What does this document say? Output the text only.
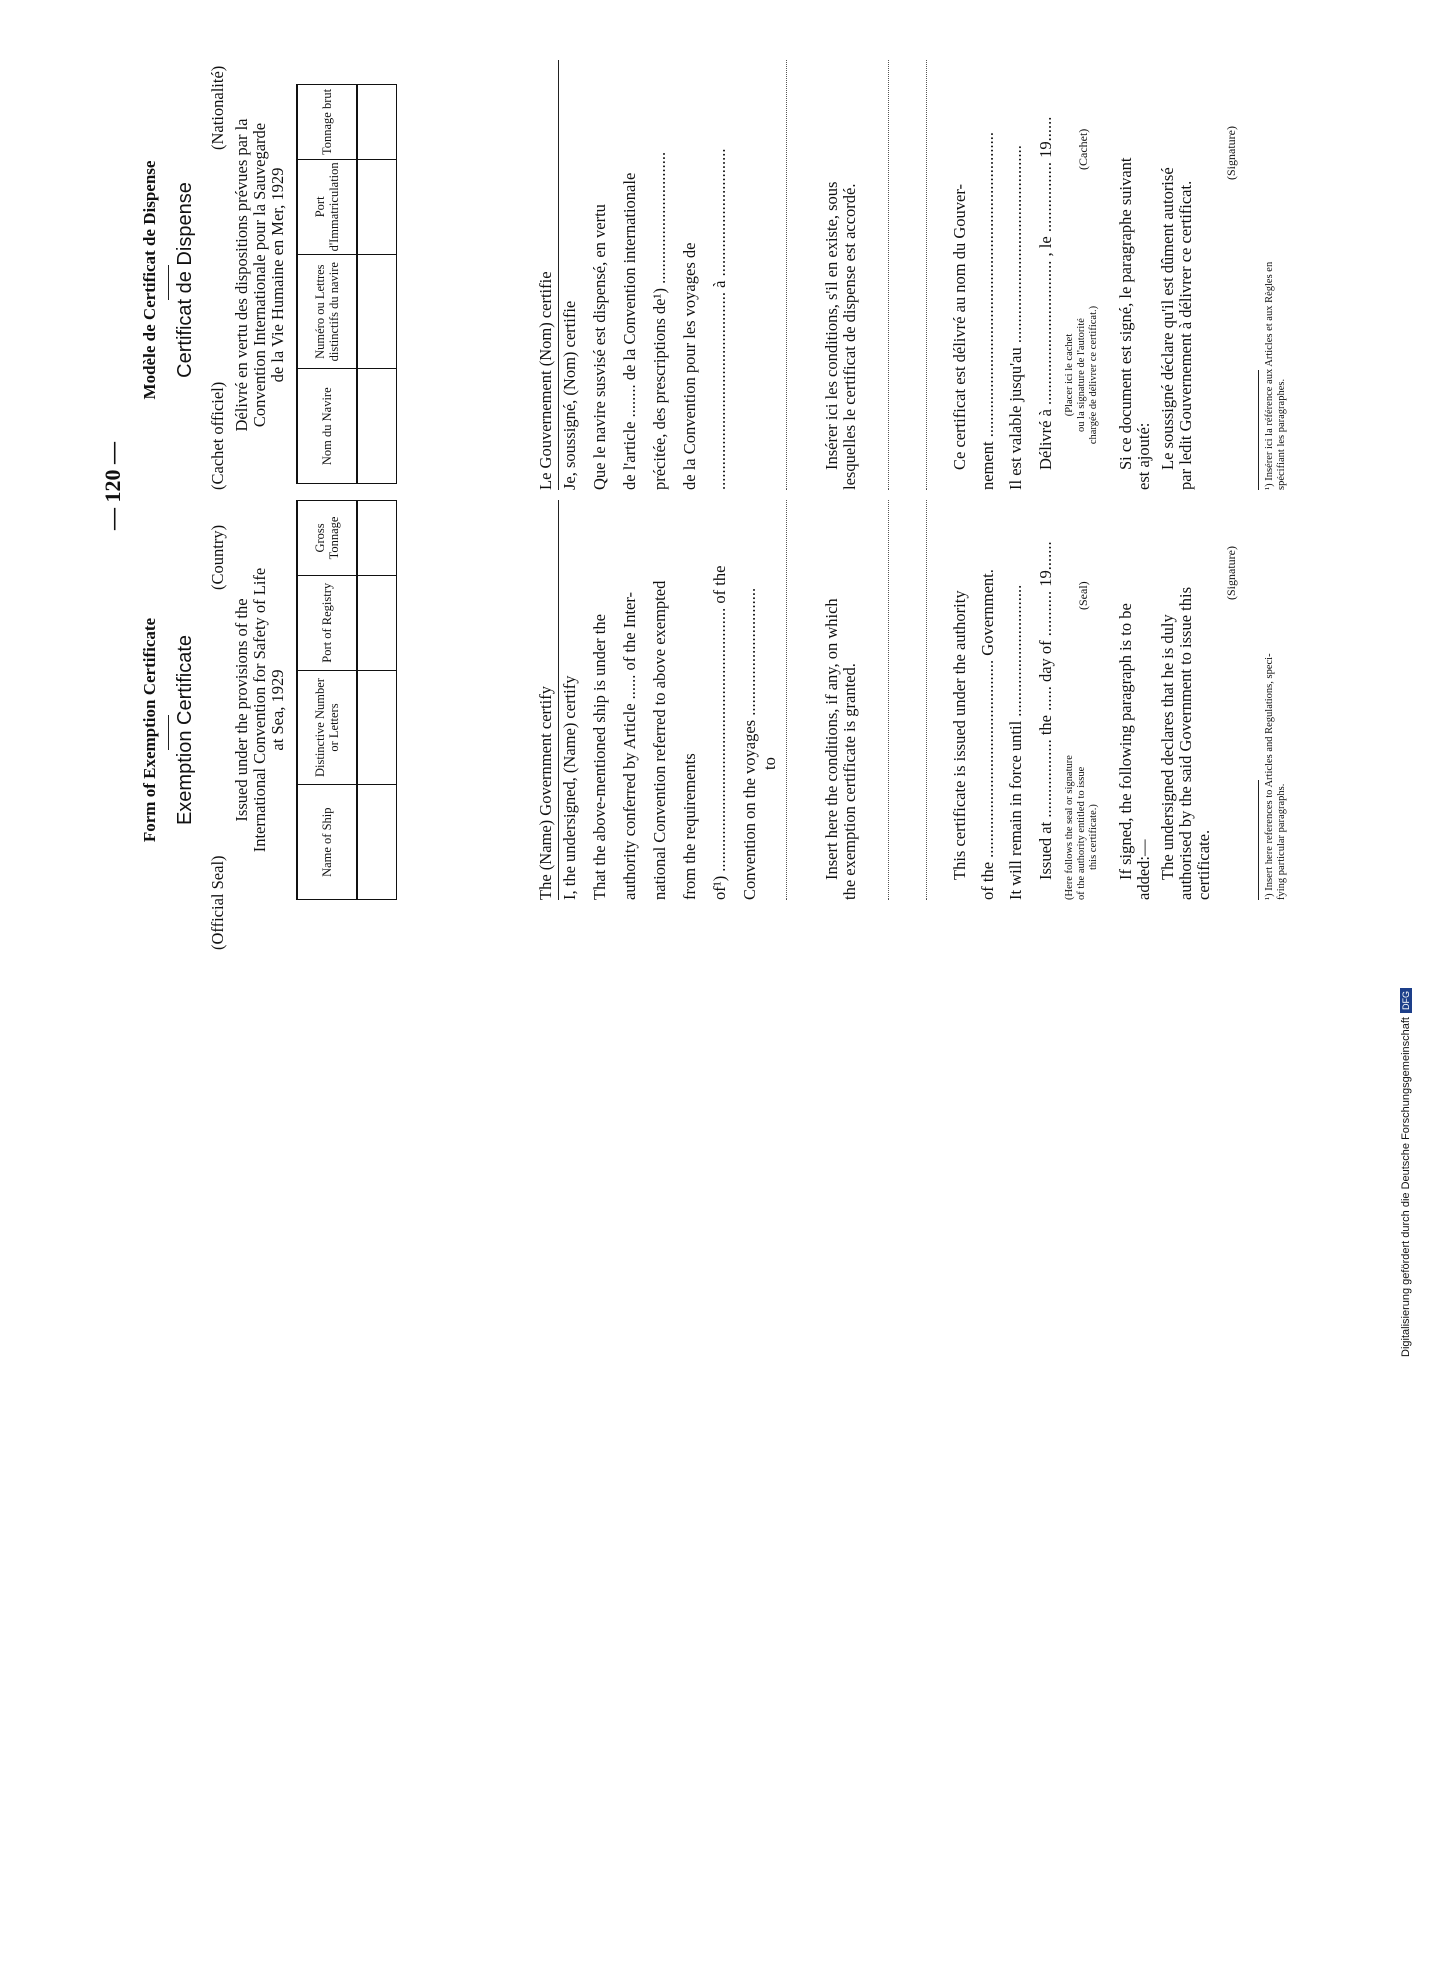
Form of Exemption Certificate Exemption Certificate
(Official Seal)
(Country)
Issued under the provisions of the International Convention for Safety of Life at Sea, 1929
Name of Ship	Distinctive Number or Letters	Port of Registry	Gross Tonnage

The (Name) Government certify I, the undersigned, (Name) certify That the above-mentioned ship is under the authority conferred by Article ...... of the Inter- national Convention referred to above exempted from the requirements of¹) ................................................................ of the Convention on the voyages ............................... to	Insert here the conditions, if any, on which the exemption certificate is granted.	This certificate is issued under the authority of the ................................................ Government. It will remain in force until ................................ Issued at ................... the ...... day of ........... 19....... (Here follows the seal or signature of the authority entitled to issue this certificate.)
(Seal)
If signed, the following paragraph is to be added:— The undersigned declares that he is duly authorised by the said Government to issue this certificate.
(Signature)
¹) Insert here references to Articles and Regulations, speci- fying particular paragraphs.
Modèle de Certificat de Dispense Certificat de Dispense
(Cachet officiel)
(Nationalité)
Délivré en vertu des dispositions prévues par la Convention Internationale pour la Sauvegarde de la Vie Humaine en Mer, 1929
Nom du Navire	Numéro ou Lettres distinctifs du navire	Port d'Immatriculation	Tonnage brut

Le Gouvernement (Nom) certifie Je, soussigné, (Nom) certifie Que le navire susvisé est dispensé, en vertu de l'article ........ de la Convention internationale précitée, des prescriptions de¹) ................................ de la Convention pour les voyages de ................................................ à ...............................	Insérer ici les conditions, s'il en existe, sous lesquelles le certificat de dispense est accordé.	Ce certificat est délivré au nom du Gouver- nement .......................................................................... Il est valable jusqu'au ................................................ Délivré à ................................... , le ................. 19...... (Placer ici le cachet ou la signature de l'autorité chargée de délivrer ce certificat.)
(Cachet)
Si ce document est signé, le paragraphe suivant est ajouté: Le soussigné déclare qu'il est dûment autorisé par ledit Gouvernement à délivrer ce certificat.
(Signature)
¹) Insérer ici la référence aux Articles et aux Règles en spécifiant les paragraphes.
— 120 —
Digitalisierung gefördert durch die Deutsche ForschungsgemeinschaftDFG
